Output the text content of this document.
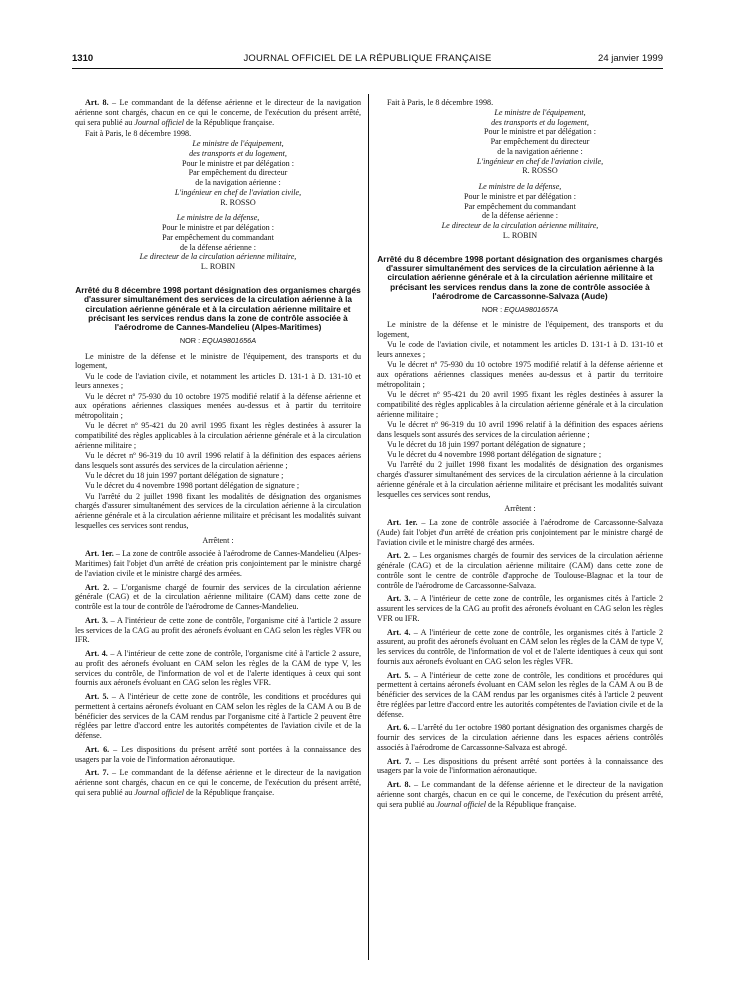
1310	JOURNAL OFFICIEL DE LA RÉPUBLIQUE FRANÇAISE	24 janvier 1999

Art. 8. – Le commandant de la défense aérienne et le directeur de la navigation aérienne sont chargés, chacun en ce qui le concerne, de l'exécution du présent arrêté, qui sera publié au Journal officiel de la République française.

Fait à Paris, le 8 décembre 1998.

Le ministre de l'équipement,

des transports et du logement,

Pour le ministre et par délégation :

Par empêchement du directeur

de la navigation aérienne :

L'ingénieur en chef de l'aviation civile,

R. ROSSO

Le ministre de la défense,

Pour le ministre et par délégation :

Par empêchement du commandant

de la défense aérienne :

Le directeur de la circulation aérienne militaire,

L. ROBIN

Arrêté du 8 décembre 1998 portant désignation des organismes chargés d'assurer simultanément des services de la circulation aérienne à la circulation aérienne générale et à la circulation aérienne militaire et précisant les services rendus dans la zone de contrôle associée à l'aérodrome de Cannes-Mandelieu (Alpes-Maritimes)

NOR : EQUA9801656A

Le ministre de la défense et le ministre de l'équipement, des transports et du logement,

Vu le code de l'aviation civile, et notamment les articles D. 131-1 à D. 131-10 et leurs annexes ;

Vu le décret nº 75-930 du 10 octobre 1975 modifié relatif à la défense aérienne et aux opérations aériennes classiques menées au-dessus et à partir du territoire métropolitain ;

Vu le décret nº 95-421 du 20 avril 1995 fixant les règles destinées à assurer la compatibilité des règles applicables à la circulation aérienne générale et à la circulation aérienne militaire ;

Vu le décret nº 96-319 du 10 avril 1996 relatif à la définition des espaces aériens dans lesquels sont assurés des services de la circulation aérienne ;

Vu le décret du 18 juin 1997 portant délégation de signature ;

Vu le décret du 4 novembre 1998 portant délégation de signature ;

Vu l'arrêté du 2 juillet 1998 fixant les modalités de désignation des organismes chargés d'assurer simultanément des services de la circulation aérienne à la circulation aérienne générale et à la circulation aérienne militaire et précisant les modalités suivant lesquelles ces services sont rendus,

Arrêtent :

Art. 1er. – La zone de contrôle associée à l'aérodrome de Cannes-Mandelieu (Alpes-Maritimes) fait l'objet d'un arrêté de création pris conjointement par le ministre chargé de l'aviation civile et le ministre chargé des armées.

Art. 2. – L'organisme chargé de fournir des services de la circulation aérienne générale (CAG) et de la circulation aérienne militaire (CAM) dans cette zone de contrôle est la tour de contrôle de l'aérodrome de Cannes-Mandelieu.

Art. 3. – A l'intérieur de cette zone de contrôle, l'organisme cité à l'article 2 assure les services de la CAG au profit des aéronefs évoluant en CAG selon les règles VFR ou IFR.

Art. 4. – A l'intérieur de cette zone de contrôle, l'organisme cité à l'article 2 assure, au profit des aéronefs évoluant en CAM selon les règles de la CAM de type V, les services du contrôle, de l'information de vol et de l'alerte identiques à ceux qui sont fournis aux aéronefs évoluant en CAG selon les règles VFR.

Art. 5. – A l'intérieur de cette zone de contrôle, les conditions et procédures qui permettent à certains aéronefs évoluant en CAM selon les règles de la CAM A ou B de bénéficier des services de la CAM rendus par l'organisme cité à l'article 2 peuvent être réglées par lettre d'accord entre les autorités compétentes de l'aviation civile et de la défense.

Art. 6. – Les dispositions du présent arrêté sont portées à la connaissance des usagers par la voie de l'information aéronautique.

Art. 7. – Le commandant de la défense aérienne et le directeur de la navigation aérienne sont chargés, chacun en ce qui le concerne, de l'exécution du présent arrêté, qui sera publié au Journal officiel de la République française.

Fait à Paris, le 8 décembre 1998.

Le ministre de l'équipement,

des transports et du logement,

Pour le ministre et par délégation :

Par empêchement du directeur

de la navigation aérienne :

L'ingénieur en chef de l'aviation civile,

R. ROSSO

Le ministre de la défense,

Pour le ministre et par délégation :

Par empêchement du commandant

de la défense aérienne :

Le directeur de la circulation aérienne militaire,

L. ROBIN

Arrêté du 8 décembre 1998 portant désignation des organismes chargés d'assurer simultanément des services de la circulation aérienne à la circulation aérienne générale et à la circulation aérienne militaire et précisant les services rendus dans la zone de contrôle associée à l'aérodrome de Carcassonne-Salvaza (Aude)

NOR : EQUA9801657A

Le ministre de la défense et le ministre de l'équipement, des transports et du logement,

Vu le code de l'aviation civile, et notamment les articles D. 131-1 à D. 131-10 et leurs annexes ;

Vu le décret nº 75-930 du 10 octobre 1975 modifié relatif à la défense aérienne et aux opérations aériennes classiques menées au-dessus et à partir du territoire métropolitain ;

Vu le décret nº 95-421 du 20 avril 1995 fixant les règles destinées à assurer la compatibilité des règles applicables à la circulation aérienne générale et à la circulation aérienne militaire ;

Vu le décret nº 96-319 du 10 avril 1996 relatif à la définition des espaces aériens dans lesquels sont assurés des services de la circulation aérienne ;

Vu le décret du 18 juin 1997 portant délégation de signature ;

Vu le décret du 4 novembre 1998 portant délégation de signature ;

Vu l'arrêté du 2 juillet 1998 fixant les modalités de désignation des organismes chargés d'assurer simultanément des services de la circulation aérienne à la circulation aérienne générale et à la circulation aérienne militaire et précisant les modalités suivant lesquelles ces services sont rendus,

Arrêtent :

Art. 1er. – La zone de contrôle associée à l'aérodrome de Carcassonne-Salvaza (Aude) fait l'objet d'un arrêté de création pris conjointement par le ministre chargé de l'aviation civile et le ministre chargé des armées.

Art. 2. – Les organismes chargés de fournir des services de la circulation aérienne générale (CAG) et de la circulation aérienne militaire (CAM) dans cette zone de contrôle sont le centre de contrôle d'approche de Toulouse-Blagnac et la tour de contrôle de l'aérodrome de Carcassonne-Salvaza.

Art. 3. – A l'intérieur de cette zone de contrôle, les organismes cités à l'article 2 assurent les services de la CAG au profit des aéronefs évoluant en CAG selon les règles VFR ou IFR.

Art. 4. – A l'intérieur de cette zone de contrôle, les organismes cités à l'article 2 assurent, au profit des aéronefs évoluant en CAM selon les règles de la CAM de type V, les services du contrôle, de l'information de vol et de l'alerte identiques à ceux qui sont fournis aux aéronefs évoluant en CAG selon les règles VFR.

Art. 5. – A l'intérieur de cette zone de contrôle, les conditions et procédures qui permettent à certains aéronefs évoluant en CAM selon les règles de la CAM A ou B de bénéficier des services de la CAM rendus par les organismes cités à l'article 2 peuvent être réglées par lettre d'accord entre les autorités compétentes de l'aviation civile et de la défense.

Art. 6. – L'arrêté du 1er octobre 1980 portant désignation des organismes chargés de fournir des services de la circulation aérienne dans les espaces aériens contrôlés associés à l'aérodrome de Carcassonne-Salvaza est abrogé.

Art. 7. – Les dispositions du présent arrêté sont portées à la connaissance des usagers par la voie de l'information aéronautique.

Art. 8. – Le commandant de la défense aérienne et le directeur de la navigation aérienne sont chargés, chacun en ce qui le concerne, de l'exécution du présent arrêté, qui sera publié au Journal officiel de la République française.
